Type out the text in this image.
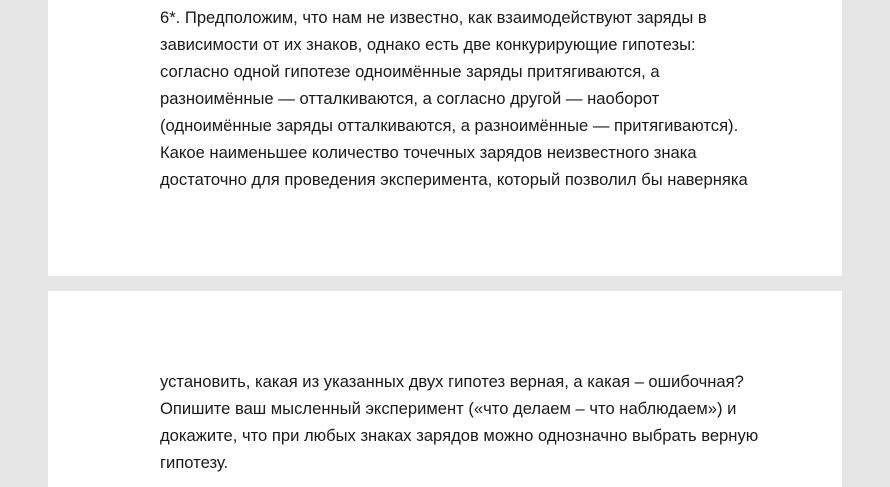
6*. Предположим, что нам не известно, как взаимодействуют заряды в
зависимости от их знаков, однако есть две конкурирующие гипотезы:
согласно одной гипотезе одноимённые заряды притягиваются, а
разноимённые — отталкиваются, а согласно другой — наоборот
(одноимённые заряды отталкиваются, а разноимённые — притягиваются).
Какое наименьшее количество точечных зарядов неизвестного знака
достаточно для проведения эксперимента, который позволил бы наверняка

установить, какая из указанных двух гипотез верная, а какая – ошибочная?
Опишите ваш мысленный эксперимент («что делаем – что наблюдаем») и
докажите, что при любых знаках зарядов можно однозначно выбрать верную
гипотезу.
